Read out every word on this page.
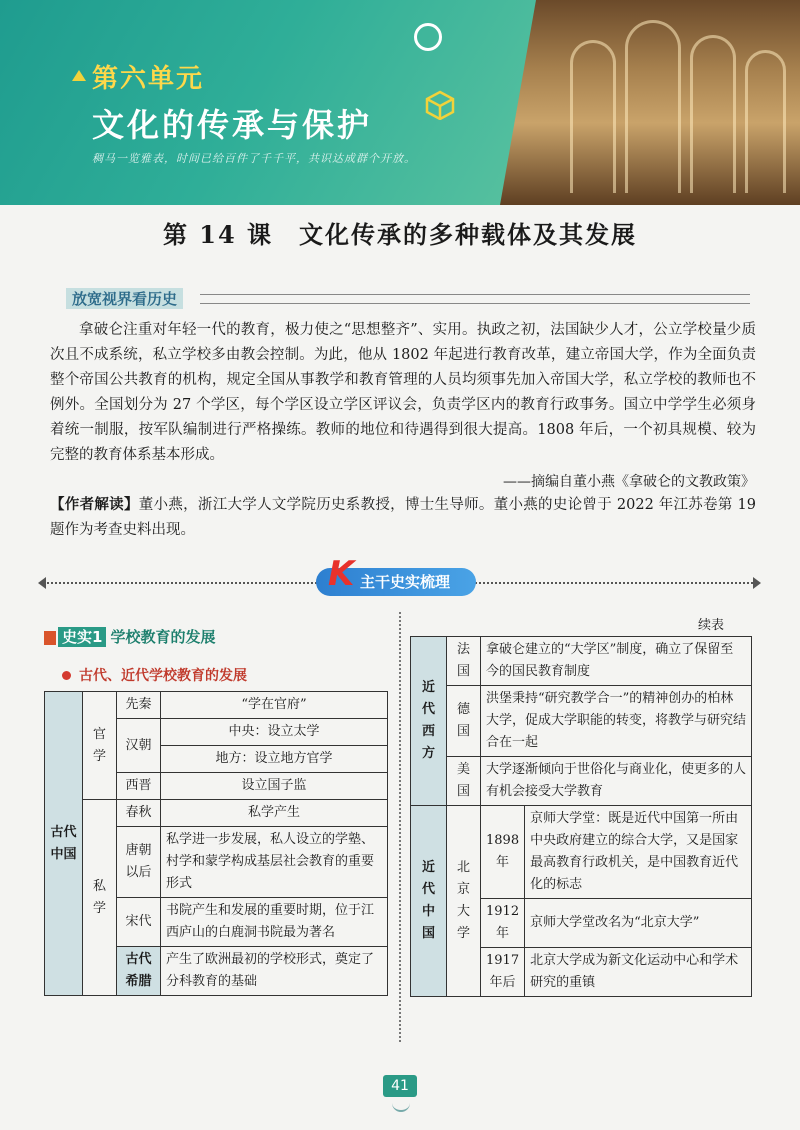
第六单元
文化的传承与保护
稠马一览雅表，时间已给百件了千千平，共识达成群个开放。
第 14 课　文化传承的多种载体及其发展
放宽视界看历史
拿破仑注重对年轻一代的教育，极力使之“思想整齐”、实用。执政之初，法国缺少人才，公立学校量少质次且不成系统，私立学校多由教会控制。为此，他从 1802 年起进行教育改革，建立帝国大学，作为全面负责整个帝国公共教育的机构，规定全国从事教学和教育管理的人员均须事先加入帝国大学，私立学校的教师也不例外。全国划分为 27 个学区，每个学区设立学区评议会，负责学区内的教育行政事务。国立中学学生必须身着统一制服，按军队编制进行严格操练。教师的地位和待遇得到很大提高。1808 年后，一个初具规模、较为完整的教育体系基本形成。
——摘编自董小燕《拿破仑的文教政策》
【作者解读】董小燕，浙江大学人文学院历史系教授，博士生导师。董小燕的史论曾于 2022 年江苏卷第 19 题作为考查史料出现。
K 主干史实梳理
史实1 学校教育的发展
古代、近代学校教育的发展
续表
古代中国	官学	先秦	“学在官府”
		汉朝	中央：设立太学
			地方：设立地方官学
		西晋	设立国子监
	私学	春秋	私学产生
		唐朝以后	私学进一步发展，私人设立的学塾、村学和蒙学构成基层社会教育的重要形式
		宋代	书院产生和发展的重要时期，位于江西庐山的白鹿洞书院最为著名
		古代希腊	产生了欧洲最初的学校形式，奠定了分科教育的基础
近代西方	法国	拿破仑建立的“大学区”制度，确立了保留至今的国民教育制度	
	德国	洪堡秉持“研究教学合一”的精神创办的柏林大学，促成大学职能的转变，将教学与研究结合在一起	
	美国	大学逐渐倾向于世俗化与商业化，使更多的人有机会接受大学教育	
近代中国	北京大学	1898 年	京师大学堂：既是近代中国第一所由中央政府建立的综合大学，又是国家最高教育行政机关，是中国教育近代化的标志
		1912 年	京师大学堂改名为“北京大学”
		1917 年后	北京大学成为新文化运动中心和学术研究的重镇
41
